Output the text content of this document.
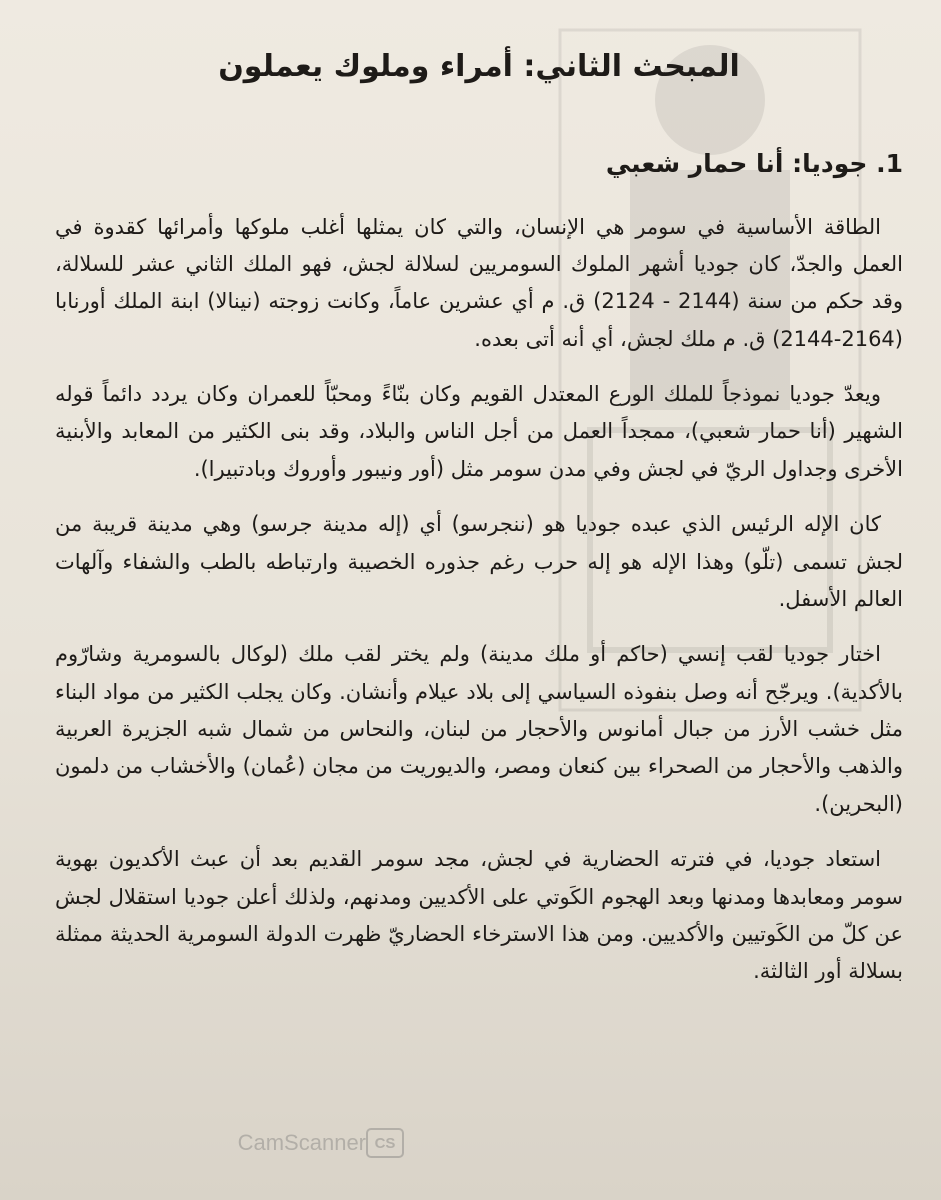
المبحث الثاني: أمراء وملوك يعملون
1. جوديا: أنا حمار شعبي

الطاقة الأساسية في سومر هي الإنسان، والتي كان يمثلها أغلب ملوكها وأمرائها كقدوة في العمل والجدّ، كان جوديا أشهر الملوك السومريين لسلالة لجش، فهو الملك الثاني عشر للسلالة، وقد حكم من سنة (2144 - 2124) ق. م أي عشرين عاماً، وكانت زوجته (نينالا) ابنة الملك أورنابا (2164-2144) ق. م ملك لجش، أي أنه أتى بعده.

ويعدّ جوديا نموذجاً للملك الورع المعتدل القويم وكان بنّاءً ومحبّاً للعمران وكان يردد دائماً قوله الشهير (أنا حمار شعبي)، ممجداً العمل من أجل الناس والبلاد، وقد بنى الكثير من المعابد والأبنية الأخرى وجداول الريّ في لجش وفي مدن سومر مثل (أور ونيبور وأوروك وبادتبيرا).

كان الإله الرئيس الذي عبده جوديا هو (ننجرسو) أي (إله مدينة جرسو) وهي مدينة قريبة من لجش تسمى (تلّو) وهذا الإله هو إله حرب رغم جذوره الخصيبة وارتباطه بالطب والشفاء وآلهات العالم الأسفل.

اختار جوديا لقب إنسي (حاكم أو ملك مدينة) ولم يختر لقب ملك (لوكال بالسومرية وشارّوم بالأكدية). ويرجّح أنه وصل بنفوذه السياسي إلى بلاد عيلام وأنشان. وكان يجلب الكثير من مواد البناء مثل خشب الأرز من جبال أمانوس والأحجار من لبنان، والنحاس من شمال شبه الجزيرة العربية والذهب والأحجار من الصحراء بين كنعان ومصر، والديوريت من مجان (عُمان) والأخشاب من دلمون (البحرين).

استعاد جوديا، في فترته الحضارية في لجش، مجد سومر القديم بعد أن عبث الأكديون بهوية سومر ومعابدها ومدنها وبعد الهجوم الكَوتي على الأكديين ومدنهم، ولذلك أعلن جوديا استقلال لجش عن كلّ من الكَوتيين والأكديين. ومن هذا الاسترخاء الحضاريّ ظهرت الدولة السومرية الحديثة ممثلة بسلالة أور الثالثة.

CS
CamScanner
